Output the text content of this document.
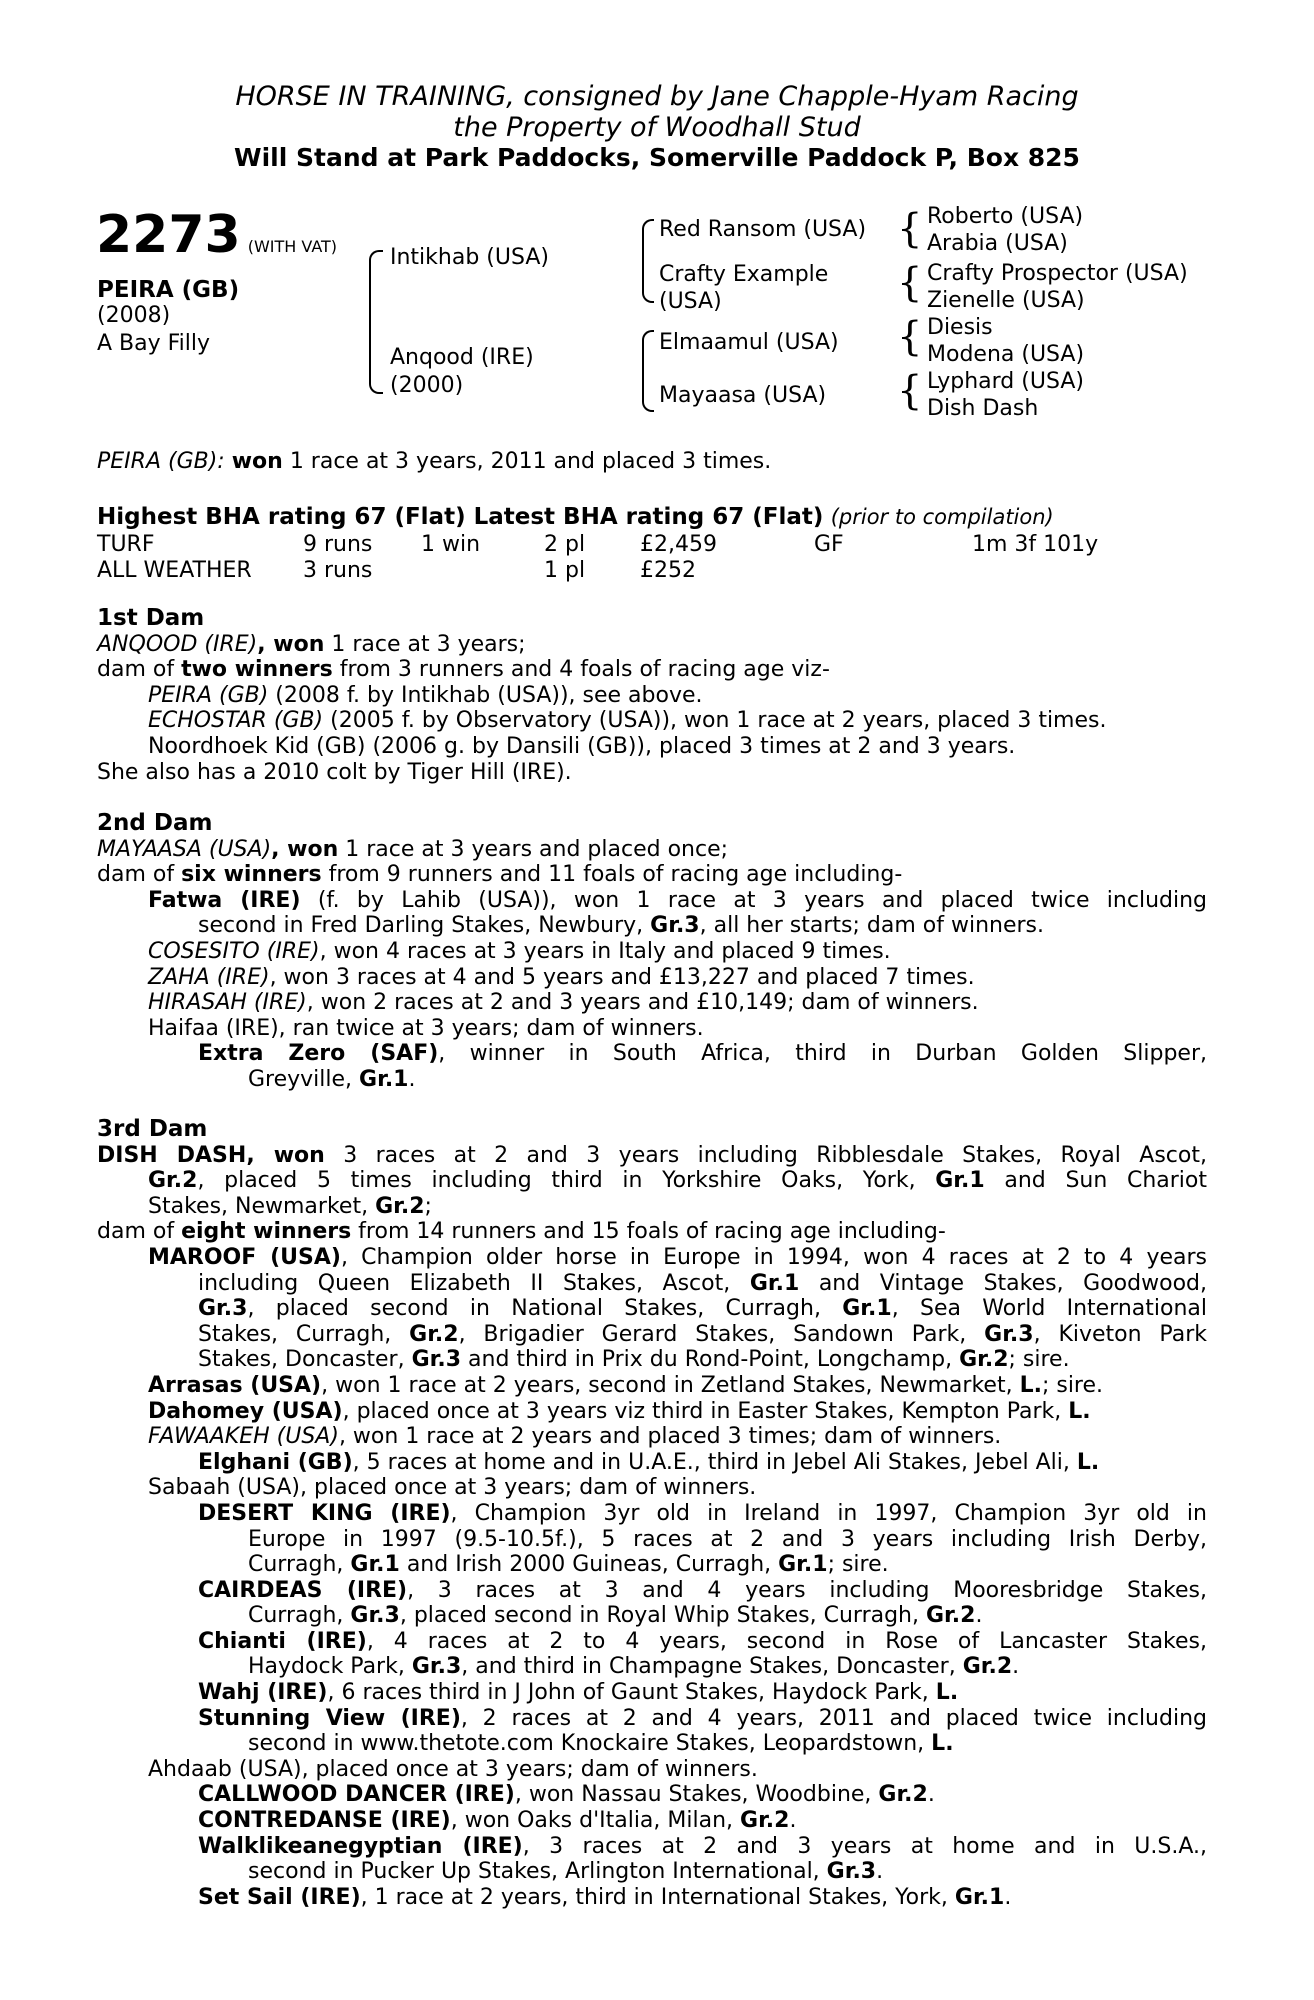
HORSE IN TRAINING, consigned by Jane Chapple-Hyam Racing
the Property of Woodhall Stud
Will Stand at Park Paddocks, Somerville Paddock P, Box 825
2273 (WITH VAT)
PEIRA (GB)
(2008)
A Bay Filly
Intikhab (USA)
Anqood (IRE)
(2000)
Red Ransom (USA)
Crafty Example
(USA)
Elmaamul (USA)
Mayaasa (USA)
{
{
{
{
Roberto (USA)
Arabia (USA)
Crafty Prospector (USA)
Zienelle (USA)
Diesis
Modena (USA)
Lyphard (USA)
Dish Dash
PEIRA (GB): won 1 race at 3 years, 2011 and placed 3 times.
Highest BHA rating 67 (Flat) Latest BHA rating 67 (Flat) (prior to compilation)
TURF	9 runs 1 win	2 pl £2,459	GF	1m 3f 101y
ALL WEATHER 3 runs	1 pl £252
1st Dam
ANQOOD (IRE), won 1 race at 3 years;
dam of two winners from 3 runners and 4 foals of racing age viz-
PEIRA (GB) (2008 f. by Intikhab (USA)), see above.
ECHOSTAR (GB) (2005 f. by Observatory (USA)), won 1 race at 2 years, placed 3 times.
Noordhoek Kid (GB) (2006 g. by Dansili (GB)), placed 3 times at 2 and 3 years.
She also has a 2010 colt by Tiger Hill (IRE).
2nd Dam
MAYAASA (USA), won 1 race at 3 years and placed once;
dam of six winners from 9 runners and 11 foals of racing age including-
Fatwa (IRE) (f. by Lahib (USA)), won 1 race at 3 years and placed twice including
second in Fred Darling Stakes, Newbury, Gr.3, all her starts; dam of winners.
COSESITO (IRE), won 4 races at 3 years in Italy and placed 9 times.
ZAHA (IRE), won 3 races at 4 and 5 years and £13,227 and placed 7 times.
HIRASAH (IRE), won 2 races at 2 and 3 years and £10,149; dam of winners.
Haifaa (IRE), ran twice at 3 years; dam of winners.
Extra Zero (SAF), winner in South Africa, third in Durban Golden Slipper,
Greyville, Gr.1.
3rd Dam
DISH DASH, won 3 races at 2 and 3 years including Ribblesdale Stakes, Royal Ascot,
Gr.2, placed 5 times including third in Yorkshire Oaks, York, Gr.1 and Sun Chariot
Stakes, Newmarket, Gr.2;
dam of eight winners from 14 runners and 15 foals of racing age including-
MAROOF (USA), Champion older horse in Europe in 1994, won 4 races at 2 to 4 years
including Queen Elizabeth II Stakes, Ascot, Gr.1 and Vintage Stakes, Goodwood,
Gr.3, placed second in National Stakes, Curragh, Gr.1, Sea World International
Stakes, Curragh, Gr.2, Brigadier Gerard Stakes, Sandown Park, Gr.3, Kiveton Park
Stakes, Doncaster, Gr.3 and third in Prix du Rond-Point, Longchamp, Gr.2; sire.
Arrasas (USA), won 1 race at 2 years, second in Zetland Stakes, Newmarket, L.; sire.
Dahomey (USA), placed once at 3 years viz third in Easter Stakes, Kempton Park, L.
FAWAAKEH (USA), won 1 race at 2 years and placed 3 times; dam of winners.
Elghani (GB), 5 races at home and in U.A.E., third in Jebel Ali Stakes, Jebel Ali, L.
Sabaah (USA), placed once at 3 years; dam of winners.
DESERT KING (IRE), Champion 3yr old in Ireland in 1997, Champion 3yr old in
Europe in 1997 (9.5-10.5f.), 5 races at 2 and 3 years including Irish Derby,
Curragh, Gr.1 and Irish 2000 Guineas, Curragh, Gr.1; sire.
CAIRDEAS (IRE), 3 races at 3 and 4 years including Mooresbridge Stakes,
Curragh, Gr.3, placed second in Royal Whip Stakes, Curragh, Gr.2.
Chianti (IRE), 4 races at 2 to 4 years, second in Rose of Lancaster Stakes,
Haydock Park, Gr.3, and third in Champagne Stakes, Doncaster, Gr.2.
Wahj (IRE), 6 races third in J John of Gaunt Stakes, Haydock Park, L.
Stunning View (IRE), 2 races at 2 and 4 years, 2011 and placed twice including
second in www.thetote.com Knockaire Stakes, Leopardstown, L.
Ahdaab (USA), placed once at 3 years; dam of winners.
CALLWOOD DANCER (IRE), won Nassau Stakes, Woodbine, Gr.2.
CONTREDANSE (IRE), won Oaks d'Italia, Milan, Gr.2.
Walklikeanegyptian (IRE), 3 races at 2 and 3 years at home and in U.S.A.,
second in Pucker Up Stakes, Arlington International, Gr.3.
Set Sail (IRE), 1 race at 2 years, third in International Stakes, York, Gr.1.
